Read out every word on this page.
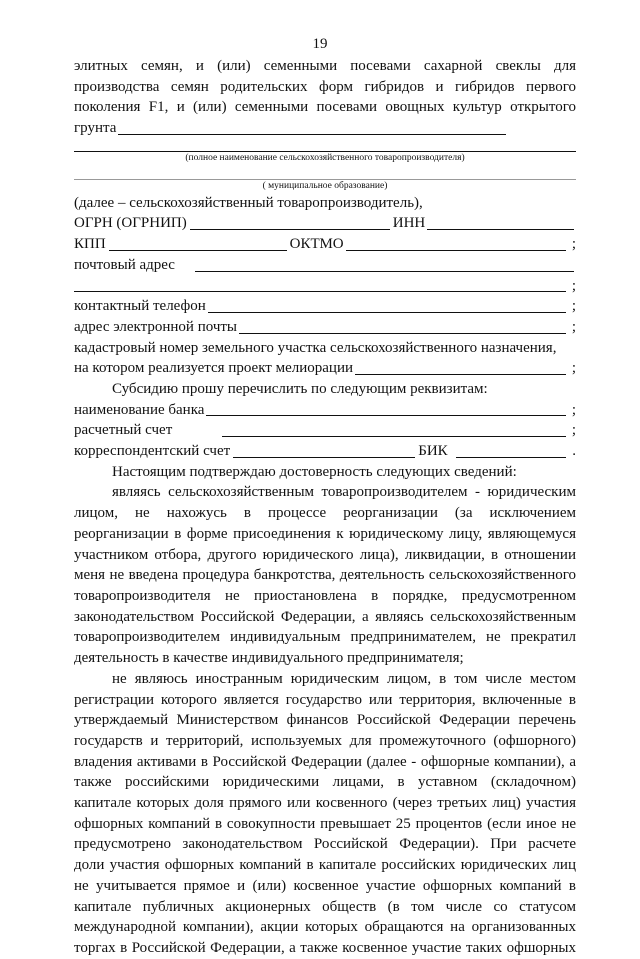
19
элитных семян, и (или) семенными посевами сахарной свеклы для
производства семян родительских форм гибридов и гибридов первого
поколения F1, и (или) семенными посевами овощных культур открытого
грунта
(полное наименование сельскохозяйственного товаропроизводителя)
( муниципальное образование)
(далее – сельскохозяйственный товаропроизводитель),
ОГРН (ОГРНИП)	ИНН
КПП	ОКТМО	;
почтовый адрес
;
контактный телефон	;
адрес электронной почты	;
кадастровый номер земельного участка сельскохозяйственного назначения,
на котором реализуется проект мелиорации	;
Субсидию прошу перечислить по следующим реквизитам:
наименование банка	;
расчетный счет	;
корреспондентский счет	БИК	.
Настоящим подтверждаю достоверность следующих сведений:
являясь сельскохозяйственным товаропроизводителем - юридическим
лицом, не нахожусь в процессе реорганизации (за исключением
реорганизации в форме присоединения к юридическому лицу, являющемуся
участником отбора, другого юридического лица), ликвидации, в отношении
меня не введена процедура банкротства, деятельность сельскохозяйственного
товаропроизводителя не приостановлена в порядке, предусмотренном
законодательством Российской Федерации, а являясь сельскохозяйственным
товаропроизводителем индивидуальным предпринимателем, не прекратил
деятельность в качестве индивидуального предпринимателя;
не являюсь иностранным юридическим лицом, в том числе местом
регистрации которого является государство или территория, включенные в
утверждаемый Министерством финансов Российской Федерации перечень
государств и территорий, используемых для промежуточного (офшорного)
владения активами в Российской Федерации (далее - офшорные компании), а
также российскими юридическими лицами, в уставном (складочном)
капитале которых доля прямого или косвенного (через третьих лиц) участия
офшорных компаний в совокупности превышает 25 процентов (если иное не
предусмотрено законодательством Российской Федерации). При расчете
доли участия офшорных компаний в капитале российских юридических лиц
не учитывается прямое и (или) косвенное участие офшорных компаний в
капитале публичных акционерных обществ (в том числе со статусом
международной компании), акции которых обращаются на организованных
торгах в Российской Федерации, а также косвенное участие таких офшорных
